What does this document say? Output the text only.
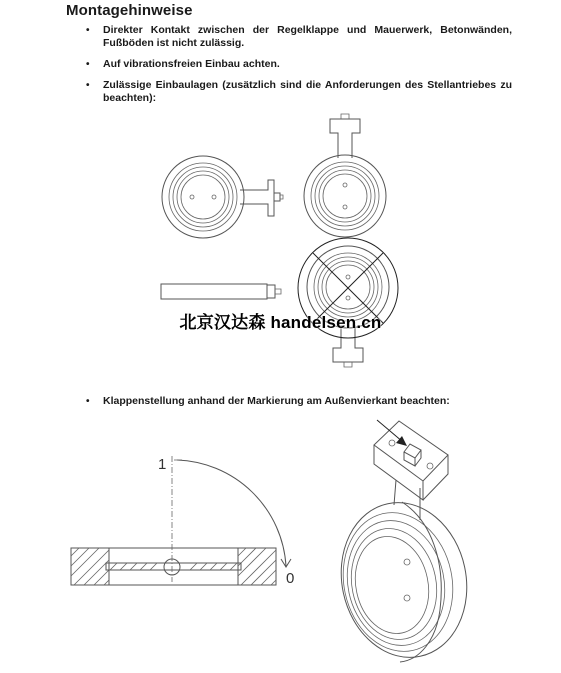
Montagehinweise
• Direkter Kontakt zwischen der Regelklappe und Mauerwerk, Betonwänden, Fußböden ist nicht zulässig.
• Auf vibrationsfreien Einbau achten.
• Zulässige Einbaulagen (zusätzlich sind die Anforderungen des Stellantriebes zu beachten):
1
0
北京汉达森 handelsen.cn
• Klappenstellung anhand der Markierung am Außenvierkant beachten:
